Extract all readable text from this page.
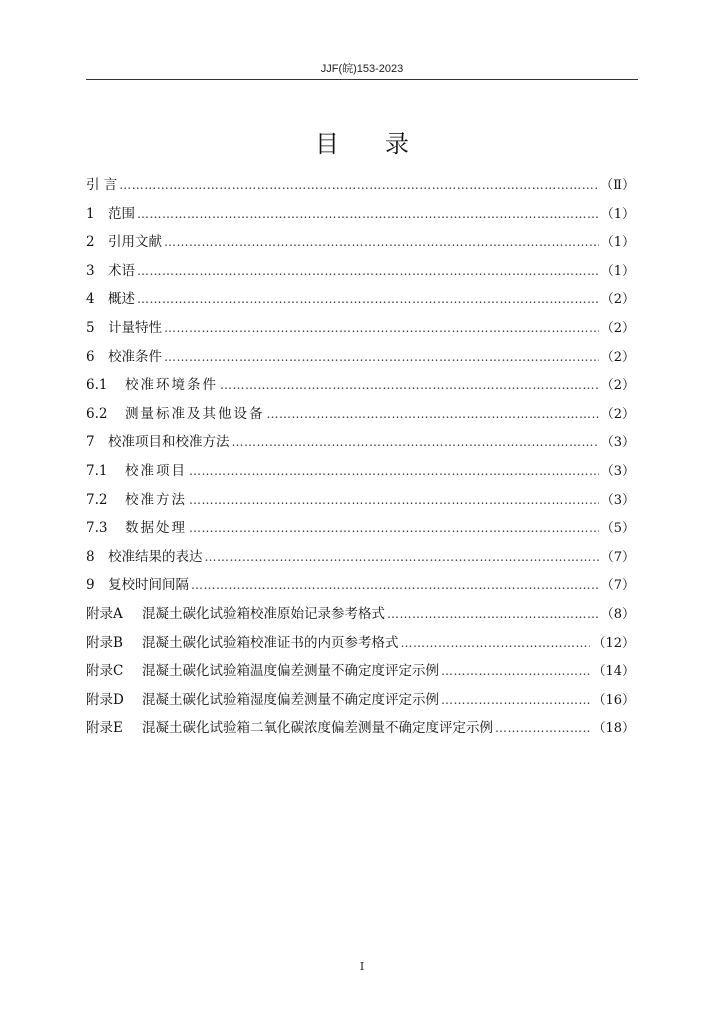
JJF(皖)153-2023
目录
引 言 ………………………………………………………………………………………………………………………………………………………………………………	（Ⅱ）
1 范围 ………………………………………………………………………………………………………………………………………………………………………………	（1）
2 引用文献 ………………………………………………………………………………………………………………………………………………………………………………	（1）
3 术语 ………………………………………………………………………………………………………………………………………………………………………………	（1）
4 概述 ………………………………………………………………………………………………………………………………………………………………………………	（2）
5 计量特性 ………………………………………………………………………………………………………………………………………………………………………………	（2）
6 校准条件 ………………………………………………………………………………………………………………………………………………………………………………	（2）
6.1	校准环境条件 ………………………………………………………………………………………………………………………………………………………………………………	（2）
6.2	测量标准及其他设备 ………………………………………………………………………………………………………………………………………………………………………………	（2）
7 校准项目和校准方法 ………………………………………………………………………………………………………………………………………………………………………………	（3）
7.1	校准项目 ………………………………………………………………………………………………………………………………………………………………………………	（3）
7.2	校准方法 ………………………………………………………………………………………………………………………………………………………………………………	（3）
7.3	数据处理 ………………………………………………………………………………………………………………………………………………………………………………	（5）
8 校准结果的表达 ………………………………………………………………………………………………………………………………………………………………………………	（7）
9 复校时间间隔 ………………………………………………………………………………………………………………………………………………………………………………	（7）
附录A	混凝土碳化试验箱校准原始记录参考格式 ………………………………………………………………………………………………………………………………………………………………………………	（8）
附录B	混凝土碳化试验箱校准证书的内页参考格式 ………………………………………………………………………………………………………………………………………………………………………………	（12）
附录C	混凝土碳化试验箱温度偏差测量不确定度评定示例 ………………………………………………………………………………………………………………………………………………………………………………	（14）
附录D	混凝土碳化试验箱湿度偏差测量不确定度评定示例 ………………………………………………………………………………………………………………………………………………………………………………	（16）
附录E	混凝土碳化试验箱二氧化碳浓度偏差测量不确定度评定示例 ………………………………………………………………………………………………………………………………………………………………………………	（18）
I
